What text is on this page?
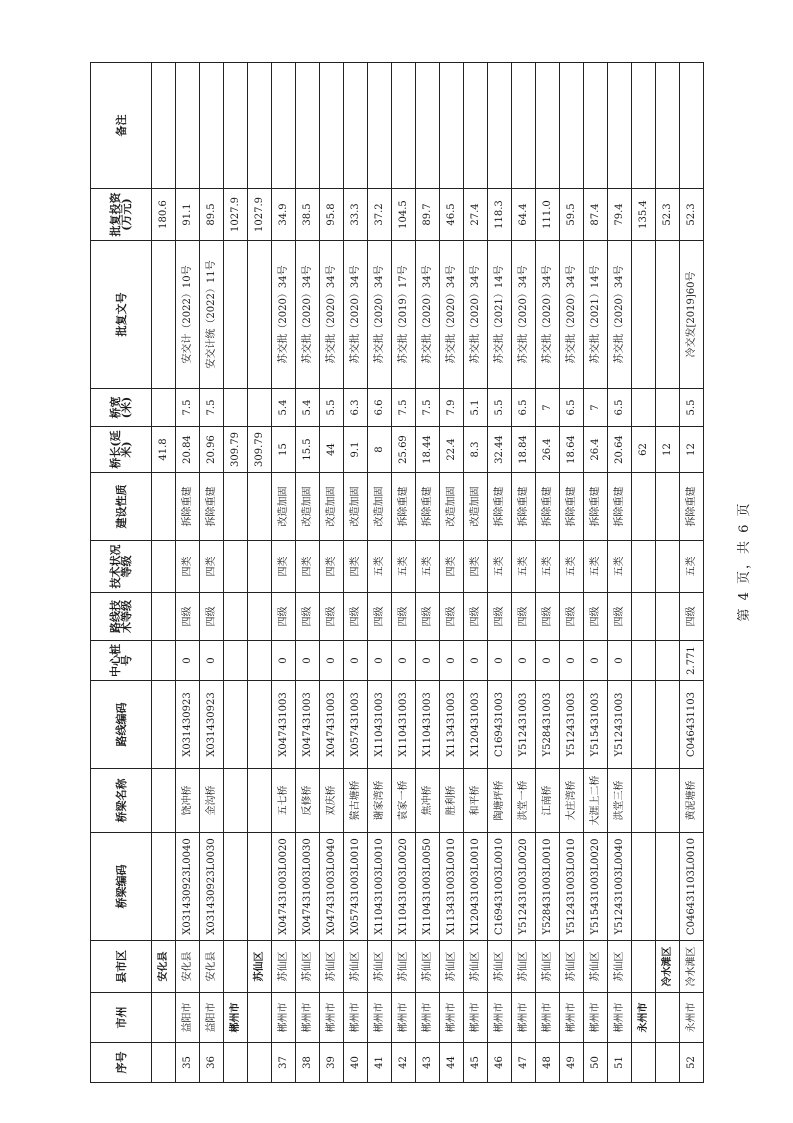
序号	市州	县市区	桥梁编码	桥梁名称	路线编码	中心桩号	路线技术等级	技术状况等级	建设性质	桥长(延米)	桥宽(米)	批复文号	批复投资(万元)	备注
		安化县								41.8			180.6	
35	益阳市	安化县	X031430923L0040	饶冲桥	X031430923	0	四级	四类	拆除重建	20.84	7.5	安交计（2022）10号	91.1	
36	益阳市	安化县	X031430923L0030	金沟桥	X031430923	0	四级	四类	拆除重建	20.96	7.5	安交计统（2022）11号	89.5	
	郴州市									309.79			1027.9	
		苏仙区								309.79			1027.9	
37	郴州市	苏仙区	X047431003L0020	五七桥	X047431003	0	四级	四类	改造加固	15	5.4	苏交批（2020）34号	34.9	
38	郴州市	苏仙区	X047431003L0030	反修桥	X047431003	0	四级	四类	改造加固	15.5	5.4	苏交批（2020）34号	38.5	
39	郴州市	苏仙区	X047431003L0040	双庆桥	X047431003	0	四级	四类	改造加固	44	5.5	苏交批（2020）34号	95.8	
40	郴州市	苏仙区	X057431003L0010	猿古塘桥	X057431003	0	四级	四类	改造加固	9.1	6.3	苏交批（2020）34号	33.3	
41	郴州市	苏仙区	X110431003L0010	谢家湾桥	X110431003	0	四级	五类	改造加固	8	6.6	苏交批（2020）34号	37.2	
42	郴州市	苏仙区	X110431003L0020	袁家一桥	X110431003	0	四级	五类	拆除重建	25.69	7.5	苏交批（2019）17号	104.5	
43	郴州市	苏仙区	X110431003L0050	焦冲桥	X110431003	0	四级	五类	拆除重建	18.44	7.5	苏交批（2020）34号	89.7	
44	郴州市	苏仙区	X113431003L0010	胜利桥	X113431003	0	四级	四类	改造加固	22.4	7.9	苏交批（2020）34号	46.5	
45	郴州市	苏仙区	X120431003L0010	和平桥	X120431003	0	四级	四类	改造加固	8.3	5.1	苏交批（2020）34号	27.4	
46	郴州市	苏仙区	C169431003L0010	陶塘坪桥	C169431003	0	四级	五类	拆除重建	32.44	5.5	苏交批（2021）14号	118.3	
47	郴州市	苏仙区	Y512431003L0020	洪堂一桥	Y512431003	0	四级	五类	拆除重建	18.84	6.5	苏交批（2020）34号	64.4	
48	郴州市	苏仙区	Y528431003L0010	江南桥	Y528431003	0	四级	五类	拆除重建	26.4	7	苏交批（2020）34号	111.0	
49	郴州市	苏仙区	Y512431003L0010	大庄湾桥	Y512431003	0	四级	五类	拆除重建	18.64	6.5	苏交批（2020）34号	59.5	
50	郴州市	苏仙区	Y515431003L0020	大涯上二桥	Y515431003	0	四级	五类	拆除重建	26.4	7	苏交批（2021）14号	87.4	
51	郴州市	苏仙区	Y512431003L0040	洪堂三桥	Y512431003	0	四级	五类	拆除重建	20.64	6.5	苏交批（2020）34号	79.4	
	永州市									62			135.4	
		冷水滩区								12			52.3	
52	永州市	冷水滩区	C046431103L0010	黄泥塘桥	C046431103	2.771	四级	五类	拆除重建	12	5.5	冷交发[2019]60号	52.3	
第 4 页，共 6 页
